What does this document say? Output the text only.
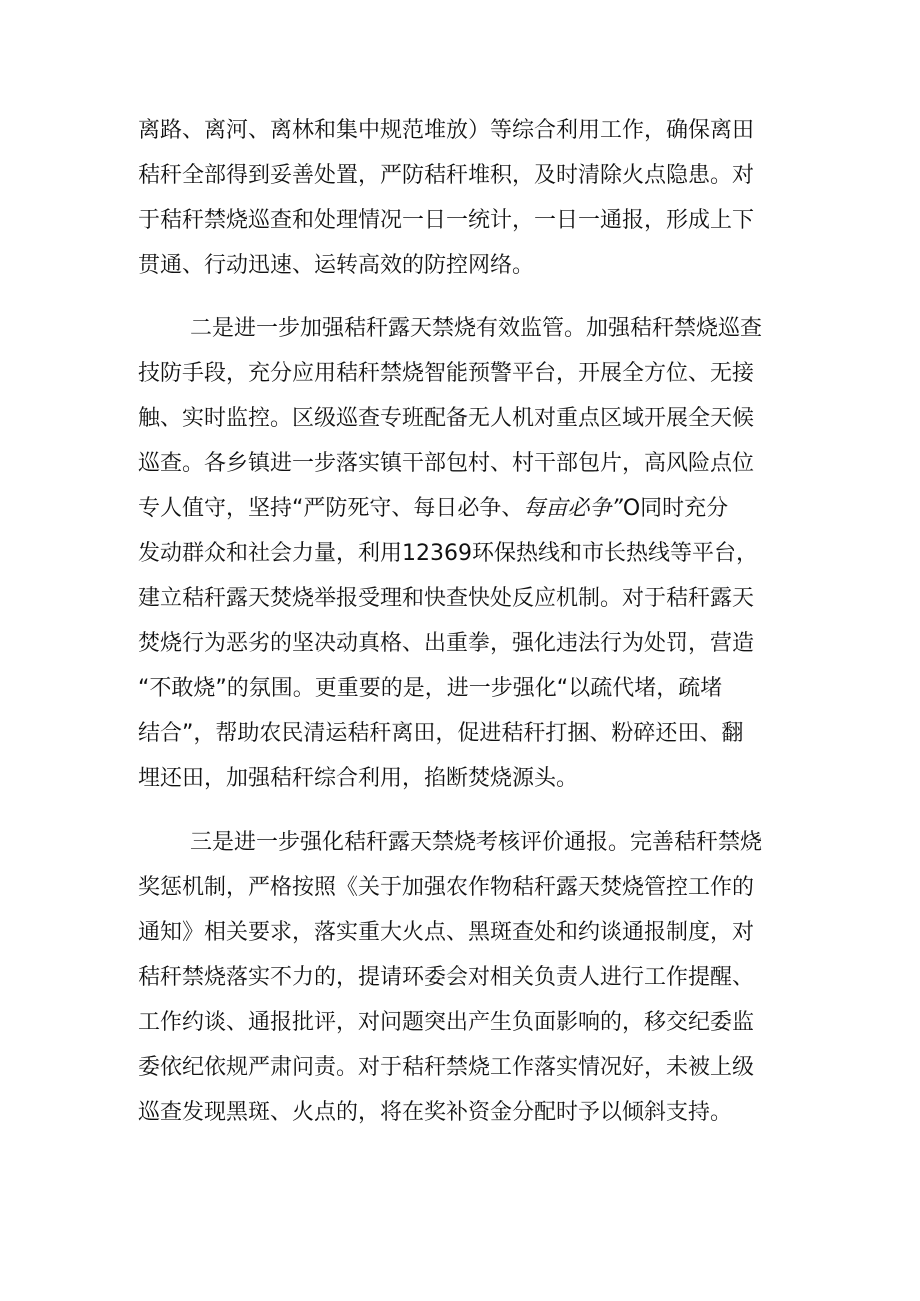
离路、离河、离林和集中规范堆放）等综合利用工作，确保离田
秸秆全部得到妥善处置，严防秸秆堆积，及时清除火点隐患。对
于秸秆禁烧巡查和处理情况一日一统计，一日一通报，形成上下
贯通、行动迅速、运转高效的防控网络。
二是进一步加强秸秆露天禁烧有效监管。加强秸秆禁烧巡查
技防手段，充分应用秸秆禁烧智能预警平台，开展全方位、无接
触、实时监控。区级巡查专班配备无人机对重点区域开展全天候
巡查。各乡镇进一步落实镇干部包村、村干部包片，高风险点位
专人值守，坚持“严防死守、每日必争、每亩必争”O同时充分
发动群众和社会力量，利用12369环保热线和市长热线等平台，
建立秸秆露天焚烧举报受理和快查快处反应机制。对于秸秆露天
焚烧行为恶劣的坚决动真格、出重拳，强化违法行为处罚，营造
“不敢烧”的氛围。更重要的是，进一步强化“以疏代堵，疏堵
结合”，帮助农民清运秸秆离田，促进秸秆打捆、粉碎还田、翻
埋还田，加强秸秆综合利用，掐断焚烧源头。
三是进一步强化秸秆露天禁烧考核评价通报。完善秸秆禁烧
奖惩机制，严格按照《关于加强农作物秸秆露天焚烧管控工作的
通知》相关要求，落实重大火点、黑斑查处和约谈通报制度，对
秸秆禁烧落实不力的，提请环委会对相关负责人进行工作提醒、
工作约谈、通报批评，对问题突出产生负面影响的，移交纪委监
委依纪依规严肃问责。对于秸秆禁烧工作落实情况好，未被上级
巡查发现黑斑、火点的，将在奖补资金分配时予以倾斜支持。
